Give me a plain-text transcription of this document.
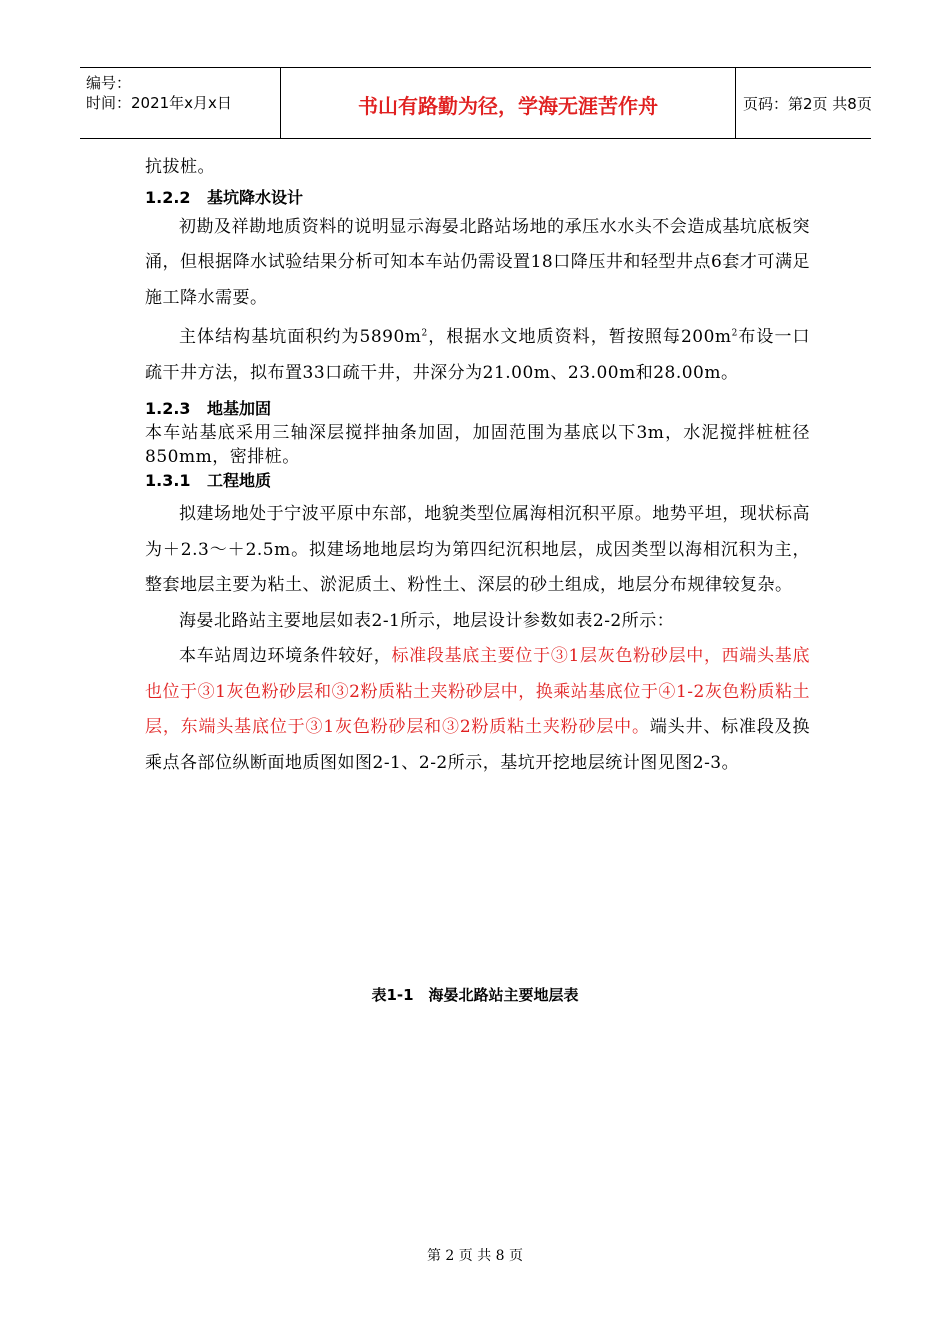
编号：
时间：2021年x月x日	书山有路勤为径，学海无涯苦作舟	页码：第2页 共8页

抗拔桩。

1.2.2 基坑降水设计

初勘及祥勘地质资料的说明显示海晏北路站场地的承压水水头不会造成基坑底板突涌，但根据降水试验结果分析可知本车站仍需设置18口降压井和轻型井点6套才可满足施工降水需要。

主体结构基坑面积约为$5890m^2$，根据水文地质资料，暂按照每$200m^2$布设一口疏干井方法，拟布置33口疏干井，井深分为21.00m、23.00m和28.00m。

1.2.3 地基加固

本车站基底采用三轴深层搅拌抽条加固，加固范围为基底以下3m，水泥搅拌桩桩径850mm，密排桩。

1.3.1 工程地质

拟建场地处于宁波平原中东部，地貌类型位属海相沉积平原。地势平坦，现状标高为＋2.3～＋2.5m。拟建场地地层均为第四纪沉积地层，成因类型以海相沉积为主，整套地层主要为粘土、淤泥质土、粉性土、深层的砂土组成，地层分布规律较复杂。

海晏北路站主要地层如表2-1所示，地层设计参数如表2-2所示：

本车站周边环境条件较好，标准段基底主要位于③1层灰色粉砂层中，西端头基底也位于③1灰色粉砂层和③2粉质粘土夹粉砂层中，换乘站基底位于④1-2灰色粉质粘土层，东端头基底位于③1灰色粉砂层和③2粉质粘土夹粉砂层中。端头井、标准段及换乘点各部位纵断面地质图如图2-1、2-2所示，基坑开挖地层统计图见图2-3。

表1-1　海晏北路站主要地层表
第 2 页 共 8 页
